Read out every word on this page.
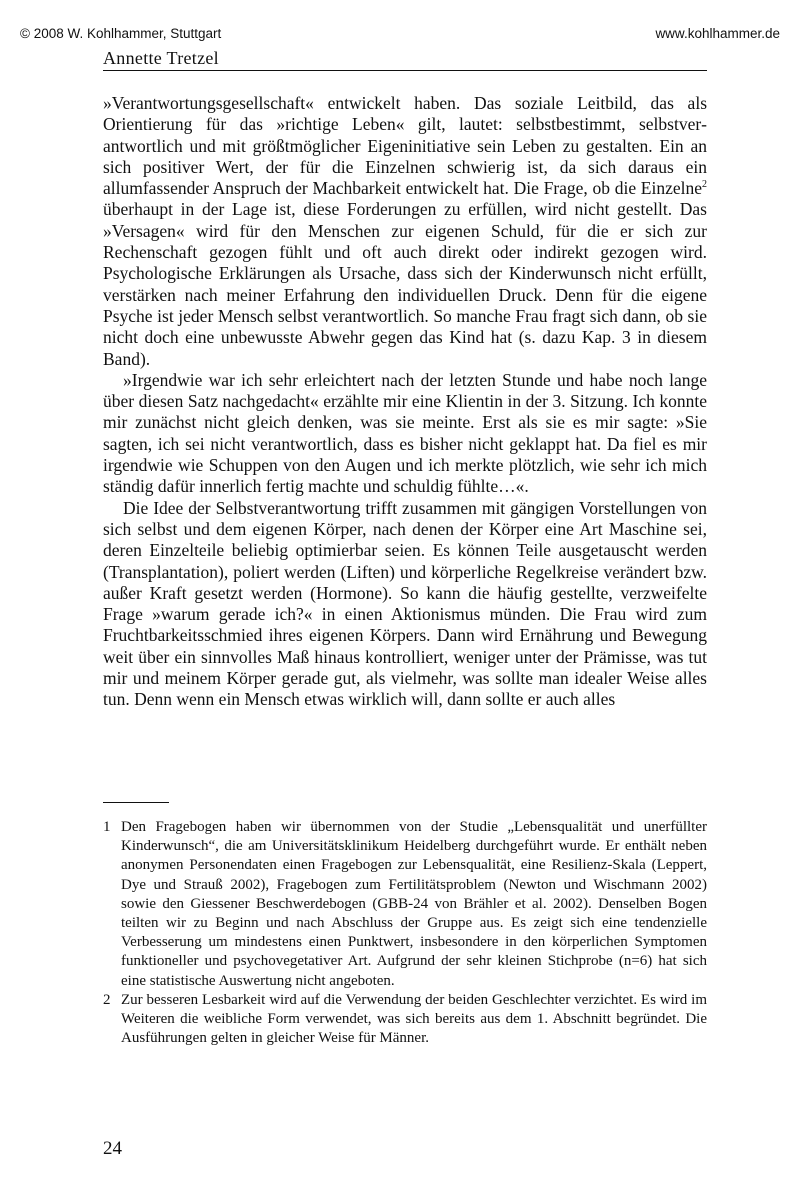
© 2008 W. Kohlhammer, Stuttgart	www.kohlhammer.de
Annette Tretzel

»Verantwortungsgesellschaft« entwickelt haben. Das soziale Leitbild, das als Orientierung für das »richtige Leben« gilt, lautet: selbstbestimmt, selbstverantwortlich und mit größtmöglicher Eigeninitiative sein Leben zu gestalten. Ein an sich positiver Wert, der für die Einzelnen schwierig ist, da sich daraus ein allumfassender Anspruch der Machbarkeit entwickelt hat. Die Frage, ob die Einzelne$^2$ überhaupt in der Lage ist, diese Forderungen zu erfüllen, wird nicht gestellt. Das »Versagen« wird für den Menschen zur eigenen Schuld, für die er sich zur Rechenschaft gezogen fühlt und oft auch direkt oder indirekt gezogen wird. Psychologische Erklärungen als Ursache, dass sich der Kinderwunsch nicht erfüllt, verstärken nach meiner Erfahrung den individuellen Druck. Denn für die eigene Psyche ist jeder Mensch selbst verantwortlich. So manche Frau fragt sich dann, ob sie nicht doch eine unbewusste Abwehr gegen das Kind hat (s. dazu Kap. 3 in diesem Band).

»Irgendwie war ich sehr erleichtert nach der letzten Stunde und habe noch lange über diesen Satz nachgedacht« erzählte mir eine Klientin in der 3. Sitzung. Ich konnte mir zunächst nicht gleich denken, was sie meinte. Erst als sie es mir sagte: »Sie sagten, ich sei nicht verantwortlich, dass es bisher nicht geklappt hat. Da fiel es mir irgendwie wie Schuppen von den Augen und ich merkte plötzlich, wie sehr ich mich ständig dafür innerlich fertig machte und schuldig fühlte…«.

Die Idee der Selbstverantwortung trifft zusammen mit gängigen Vorstellungen von sich selbst und dem eigenen Körper, nach denen der Körper eine Art Maschine sei, deren Einzelteile beliebig optimierbar seien. Es können Teile ausgetauscht werden (Transplantation), poliert werden (Liften) und körperliche Regelkreise verändert bzw. außer Kraft gesetzt werden (Hormone). So kann die häufig gestellte, verzweifelte Frage »warum gerade ich?« in einen Aktionismus münden. Die Frau wird zum Fruchtbarkeitsschmied ihres eigenen Körpers. Dann wird Ernährung und Bewegung weit über ein sinnvolles Maß hinaus kontrolliert, weniger unter der Prämisse, was tut mir und meinem Körper gerade gut, als vielmehr, was sollte man idealer Weise alles tun. Denn wenn ein Mensch etwas wirklich will, dann sollte er auch alles

1 Den Fragebogen haben wir übernommen von der Studie „Lebensqualität und unerfüllter Kinderwunsch“, die am Universitätsklinikum Heidelberg durchgeführt wurde. Er enthält neben anonymen Personendaten einen Fragebogen zur Lebensqualität, eine Resilienz-Skala (Leppert, Dye und Strauß 2002), Fragebogen zum Fertilitätsproblem (Newton und Wischmann 2002) sowie den Giessener Beschwerdebogen (GBB-24 von Brähler et al. 2002). Denselben Bogen teilten wir zu Beginn und nach Abschluss der Gruppe aus. Es zeigt sich eine tendenzielle Verbesserung um mindestens einen Punktwert, insbesondere in den körperlichen Symptomen funktioneller und psychovegetativer Art. Aufgrund der sehr kleinen Stichprobe (n=6) hat sich eine statistische Auswertung nicht angeboten.

2 Zur besseren Lesbarkeit wird auf die Verwendung der beiden Geschlechter verzichtet. Es wird im Weiteren die weibliche Form verwendet, was sich bereits aus dem 1. Abschnitt begründet. Die Ausführungen gelten in gleicher Weise für Männer.

24
